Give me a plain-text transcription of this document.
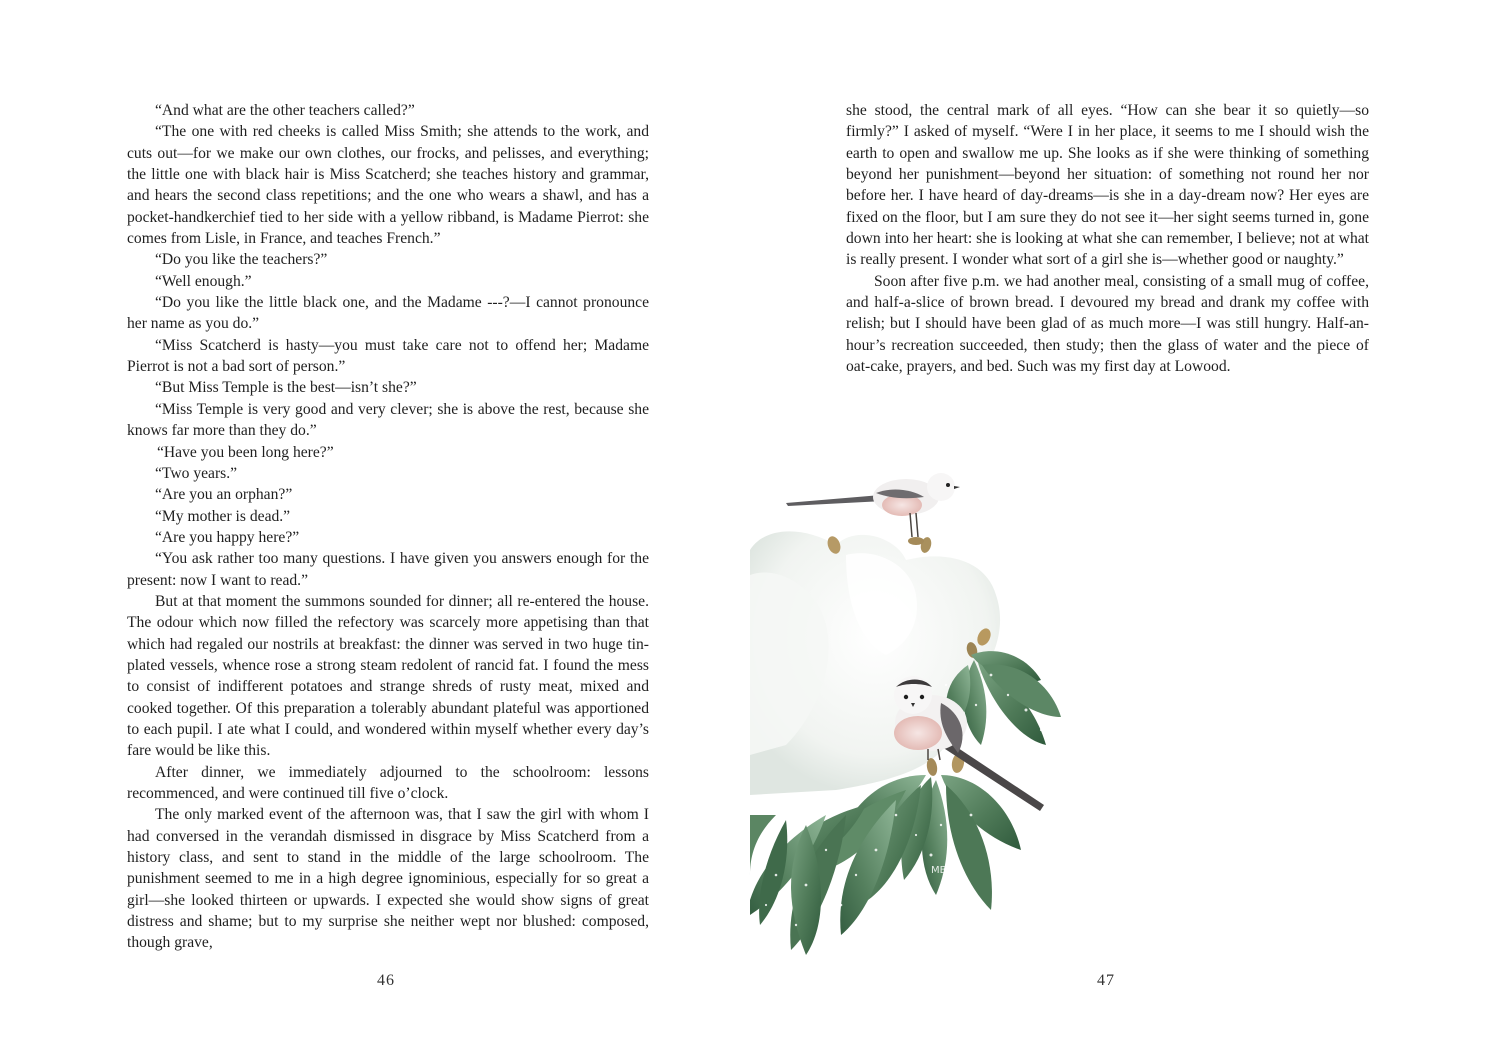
“And what are the other teachers called?”

“The one with red cheeks is called Miss Smith; she attends to the work, and cuts out—for we make our own clothes, our frocks, and pelisses, and everything; the little one with black hair is Miss Scatcherd; she teaches history and grammar, and hears the second class repetitions; and the one who wears a shawl, and has a pocket-handkerchief tied to her side with a yellow ribband, is Madame Pierrot: she comes from Lisle, in France, and teaches French.”

“Do you like the teachers?”

“Well enough.”

“Do you like the little black one, and the Madame ---?—I cannot pronounce her name as you do.”

“Miss Scatcherd is hasty—you must take care not to offend her; Madame Pierrot is not a bad sort of person.”

“But Miss Temple is the best—isn’t she?”

“Miss Temple is very good and very clever; she is above the rest, because she knows far more than they do.”

“Have you been long here?”

“Two years.”

“Are you an orphan?”

“My mother is dead.”

“Are you happy here?”

“You ask rather too many questions. I have given you answers enough for the present: now I want to read.”

But at that moment the summons sounded for dinner; all re-entered the house. The odour which now filled the refectory was scarcely more appetising than that which had regaled our nostrils at breakfast: the dinner was served in two huge tin-plated vessels, whence rose a strong steam redolent of rancid fat. I found the mess to consist of indifferent potatoes and strange shreds of rusty meat, mixed and cooked together. Of this preparation a tolerably abundant plateful was apportioned to each pupil. I ate what I could, and wondered within myself whether every day’s fare would be like this.

After dinner, we immediately adjourned to the schoolroom: lessons recommenced, and were continued till five o’clock.

The only marked event of the afternoon was, that I saw the girl with whom I had conversed in the verandah dismissed in disgrace by Miss Scatcherd from a history class, and sent to stand in the middle of the large schoolroom. The punishment seemed to me in a high degree ignominious, especially for so great a girl—she looked thirteen or upwards. I expected she would show signs of great distress and shame; but to my surprise she neither wept nor blushed: composed, though grave,

46

she stood, the central mark of all eyes. “How can she bear it so quietly—so firmly?” I asked of myself. “Were I in her place, it seems to me I should wish the earth to open and swallow me up. She looks as if she were thinking of something beyond her punishment—beyond her situation: of something not round her nor before her. I have heard of day-dreams—is she in a day-dream now? Her eyes are fixed on the floor, but I am sure they do not see it—her sight seems turned in, gone down into her heart: she is looking at what she can remember, I believe; not at what is really present. I wonder what sort of a girl she is—whether good or naughty.”

Soon after five p.m. we had another meal, consisting of a small mug of coffee, and half-a-slice of brown bread. I devoured my bread and drank my coffee with relish; but I should have been glad of as much more—I was still hungry. Half-an-hour’s recreation succeeded, then study; then the glass of water and the piece of oat-cake, prayers, and bed. Such was my first day at Lowood.

MB
47
